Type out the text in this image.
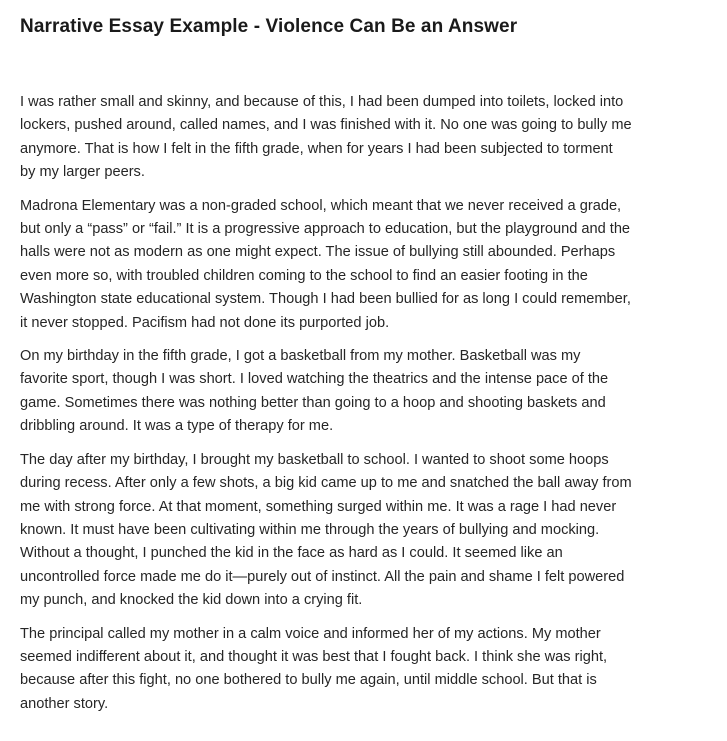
Narrative Essay Example - Violence Can Be an Answer

I was rather small and skinny, and because of this, I had been dumped into toilets, locked into
lockers, pushed around, called names, and I was finished with it. No one was going to bully me
anymore. That is how I felt in the fifth grade, when for years I had been subjected to torment
by my larger peers.

Madrona Elementary was a non-graded school, which meant that we never received a grade,
but only a “pass” or “fail.” It is a progressive approach to education, but the playground and the
halls were not as modern as one might expect. The issue of bullying still abounded. Perhaps
even more so, with troubled children coming to the school to find an easier footing in the
Washington state educational system. Though I had been bullied for as long I could remember,
it never stopped. Pacifism had not done its purported job.

On my birthday in the fifth grade, I got a basketball from my mother. Basketball was my
favorite sport, though I was short. I loved watching the theatrics and the intense pace of the
game. Sometimes there was nothing better than going to a hoop and shooting baskets and
dribbling around. It was a type of therapy for me.

The day after my birthday, I brought my basketball to school. I wanted to shoot some hoops
during recess. After only a few shots, a big kid came up to me and snatched the ball away from
me with strong force. At that moment, something surged within me. It was a rage I had never
known. It must have been cultivating within me through the years of bullying and mocking.
Without a thought, I punched the kid in the face as hard as I could. It seemed like an
uncontrolled force made me do it—purely out of instinct. All the pain and shame I felt powered
my punch, and knocked the kid down into a crying fit.

The principal called my mother in a calm voice and informed her of my actions. My mother
seemed indifferent about it, and thought it was best that I fought back. I think she was right,
because after this fight, no one bothered to bully me again, until middle school. But that is
another story.
